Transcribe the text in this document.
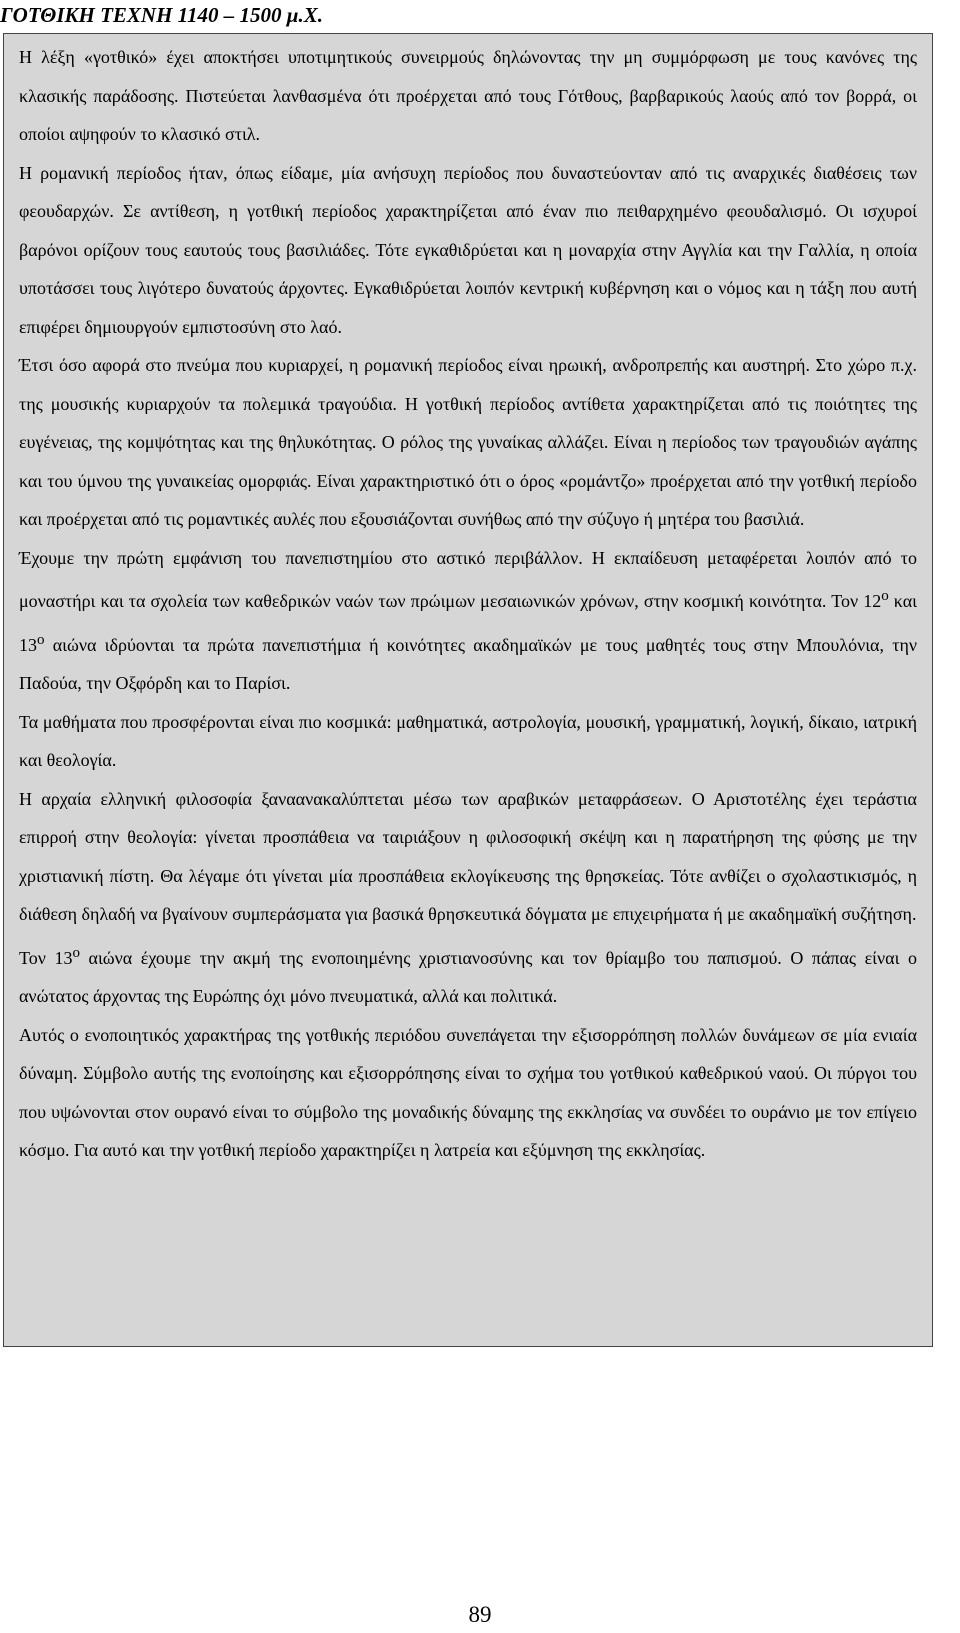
ΓΟΤΘΙΚΗ ΤΕΧΝΗ 1140 – 1500 μ.Χ.

Η λέξη «γοτθικό» έχει αποκτήσει υποτιμητικούς συνειρμούς δηλώνοντας την μη συμμόρφωση με τους κανόνες της κλασικής παράδοσης. Πιστεύεται λανθασμένα ότι προέρχεται από τους Γότθους, βαρβαρικούς λαούς από τον βορρά, οι οποίοι αψηφούν το κλασικό στιλ.

Η ρομανική περίοδος ήταν, όπως είδαμε, μία ανήσυχη περίοδος που δυναστεύονταν από τις αναρχικές διαθέσεις των φεουδαρχών. Σε αντίθεση, η γοτθική περίοδος χαρακτηρίζεται από έναν πιο πειθαρχημένο φεουδαλισμό. Οι ισχυροί βαρόνοι ορίζουν τους εαυτούς τους βασιλιάδες. Τότε εγκαθιδρύεται και η μοναρχία στην Αγγλία και την Γαλλία, η οποία υποτάσσει τους λιγότερο δυνατούς άρχοντες. Εγκαθιδρύεται λοιπόν κεντρική κυβέρνηση και ο νόμος και η τάξη που αυτή επιφέρει δημιουργούν εμπιστοσύνη στο λαό.

Έτσι όσο αφορά στο πνεύμα που κυριαρχεί, η ρομανική περίοδος είναι ηρωική, ανδροπρεπής και αυστηρή. Στο χώρο π.χ. της μουσικής κυριαρχούν τα πολεμικά τραγούδια. Η γοτθική περίοδος αντίθετα χαρακτηρίζεται από τις ποιότητες της ευγένειας, της κομψότητας και της θηλυκότητας. Ο ρόλος της γυναίκας αλλάζει. Είναι η περίοδος των τραγουδιών αγάπης και του ύμνου της γυναικείας ομορφιάς. Είναι χαρακτηριστικό ότι ο όρος «ρομάντζο» προέρχεται από την γοτθική περίοδο και προέρχεται από τις ρομαντικές αυλές που εξουσιάζονται συνήθως από την σύζυγο ή μητέρα του βασιλιά.

Έχουμε την πρώτη εμφάνιση του πανεπιστημίου στο αστικό περιβάλλον. Η εκπαίδευση μεταφέρεται λοιπόν από το μοναστήρι και τα σχολεία των καθεδρικών ναών των πρώιμων μεσαιωνικών χρόνων, στην κοσμική κοινότητα. Τον $12^o$ και $13^o$ αιώνα ιδρύονται τα πρώτα πανεπιστήμια ή κοινότητες ακαδημαϊκών με τους μαθητές τους στην Μπουλόνια, την Παδούα, την Οξφόρδη και το Παρίσι.

Τα μαθήματα που προσφέρονται είναι πιο κοσμικά: μαθηματικά, αστρολογία, μουσική, γραμματική, λογική, δίκαιο, ιατρική και θεολογία.

Η αρχαία ελληνική φιλοσοφία ξαναανακαλύπτεται μέσω των αραβικών μεταφράσεων. Ο Αριστοτέλης έχει τεράστια επιρροή στην θεολογία: γίνεται προσπάθεια να ταιριάξουν η φιλοσοφική σκέψη και η παρατήρηση της φύσης με την χριστιανική πίστη. Θα λέγαμε ότι γίνεται μία προσπάθεια εκλογίκευσης της θρησκείας. Τότε ανθίζει ο σχολαστικισμός, η διάθεση δηλαδή να βγαίνουν συμπεράσματα για βασικά θρησκευτικά δόγματα με επιχειρήματα ή με ακαδημαϊκή συζήτηση.

Τον $13^o$ αιώνα έχουμε την ακμή της ενοποιημένης χριστιανοσύνης και τον θρίαμβο του παπισμού. Ο πάπας είναι ο ανώτατος άρχοντας της Ευρώπης όχι μόνο πνευματικά, αλλά και πολιτικά.

Αυτός ο ενοποιητικός χαρακτήρας της γοτθικής περιόδου συνεπάγεται την εξισορρόπηση πολλών δυνάμεων σε μία ενιαία δύναμη. Σύμβολο αυτής της ενοποίησης και εξισορρόπησης είναι το σχήμα του γοτθικού καθεδρικού ναού. Οι πύργοι του που υψώνονται στον ουρανό είναι το σύμβολο της μοναδικής δύναμης της εκκλησίας να συνδέει το ουράνιο με τον επίγειο κόσμο. Για αυτό και την γοτθική περίοδο χαρακτηρίζει η λατρεία και εξύμνηση της εκκλησίας.

89
